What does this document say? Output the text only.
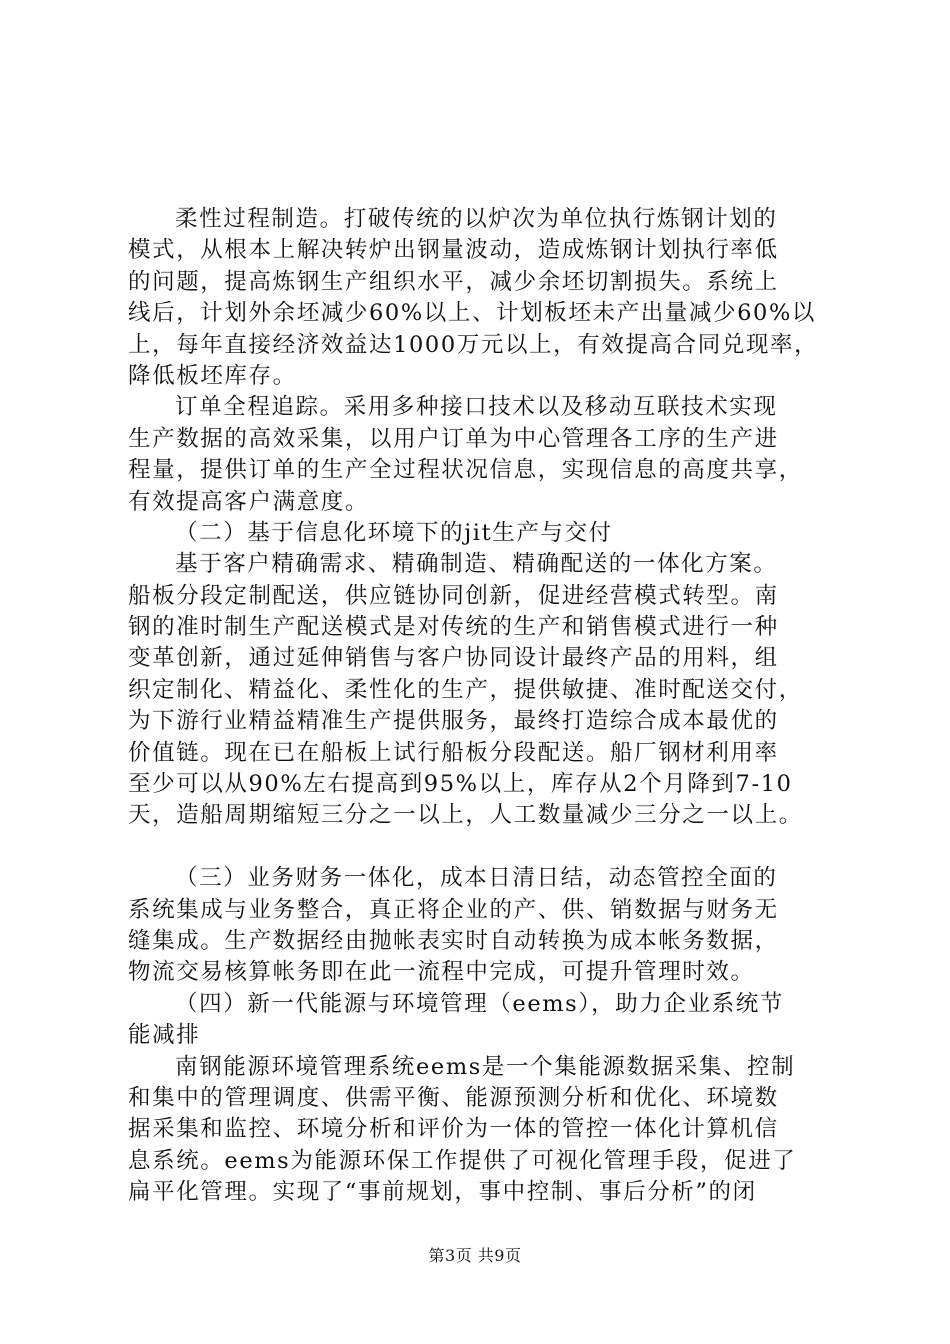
柔性过程制造。打破传统的以炉次为单位执行炼钢计划的
模式，从根本上解决转炉出钢量波动，造成炼钢计划执行率低
的问题，提高炼钢生产组织水平，减少余坯切割损失。系统上
线后，计划外余坯减少60%以上、计划板坯未产出量减少60%以
上，每年直接经济效益达1000万元以上，有效提高合同兑现率，
降低板坯库存。
订单全程追踪。采用多种接口技术以及移动互联技术实现
生产数据的高效采集，以用户订单为中心管理各工序的生产进
程量，提供订单的生产全过程状况信息，实现信息的高度共享，
有效提高客户满意度。
（二）基于信息化环境下的jit生产与交付
基于客户精确需求、精确制造、精确配送的一体化方案。
船板分段定制配送，供应链协同创新，促进经营模式转型。南
钢的准时制生产配送模式是对传统的生产和销售模式进行一种
变革创新，通过延伸销售与客户协同设计最终产品的用料，组
织定制化、精益化、柔性化的生产，提供敏捷、准时配送交付，
为下游行业精益精准生产提供服务，最终打造综合成本最优的
价值链。现在已在船板上试行船板分段配送。船厂钢材利用率
至少可以从90%左右提高到95%以上，库存从2个月降到7-10
天，造船周期缩短三分之一以上，人工数量减少三分之一以上。
（三）业务财务一体化，成本日清日结，动态管控全面的
系统集成与业务整合，真正将企业的产、供、销数据与财务无
缝集成。生产数据经由抛帐表实时自动转换为成本帐务数据，
物流交易核算帐务即在此一流程中完成，可提升管理时效。
（四）新一代能源与环境管理（eems），助力企业系统节
能减排
南钢能源环境管理系统eems是一个集能源数据采集、控制
和集中的管理调度、供需平衡、能源预测分析和优化、环境数
据采集和监控、环境分析和评价为一体的管控一体化计算机信
息系统。eems为能源环保工作提供了可视化管理手段，促进了
扁平化管理。实现了“事前规划，事中控制、事后分析”的闭
第3页 共9页
